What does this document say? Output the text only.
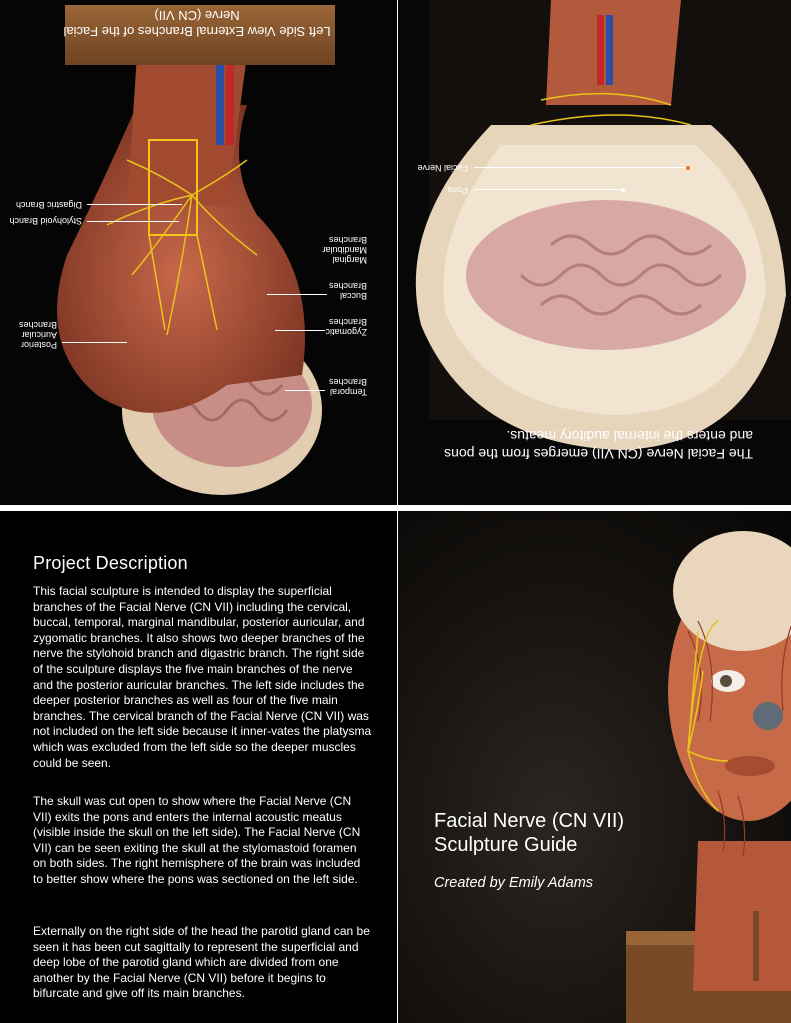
Left Side View External Branches of the Facial Nerve (CN VII)
Digastric Branch
Stylohyoid Branch
Marginal
Mandibular
Branches
Buccal
Branches
Zygomatic
Branches
Posterior
Auricular
Branches
Temporal
Branches
The Facial Nerve (CN VII) emerges from the pons and enters the internal auditory meatus.
Facial Nerve
Pons
Project Description

This facial sculpture is intended to display the superficial branches of the Facial Nerve (CN VII) including the cervical, buccal, temporal, marginal mandibular, posterior auricular, and zygomatic branches. It also shows two deeper branches of the nerve the stylohoid branch and digastric branch. The right side of the sculpture displays the five main branches of the nerve and the posterior auricular branches. The left side includes the deeper posterior branches as well as four of the five main branches. The cervical branch of the Facial Nerve (CN VII) was not included on the left side because it inner-vates the platysma which was excluded from the left side so the deeper muscles could be seen.

The skull was cut open to show where the Facial Nerve (CN VII) exits the pons and enters the internal acoustic meatus (visible inside the skull on the left side). The Facial Nerve (CN VII) can be seen exiting the skull at the stylomastoid foramen on both sides. The right hemisphere of the brain was included to better show where the pons was sectioned on the left side.

Externally on the right side of the head the parotid gland can be seen it has been cut sagittally to represent the superficial and deep lobe of the parotid gland which are divided from one another by the Facial Nerve (CN VII) before it begins to bifurcate and give off its main branches.

Facial Nerve (CN VII)
Sculpture Guide
Created by Emily Adams
